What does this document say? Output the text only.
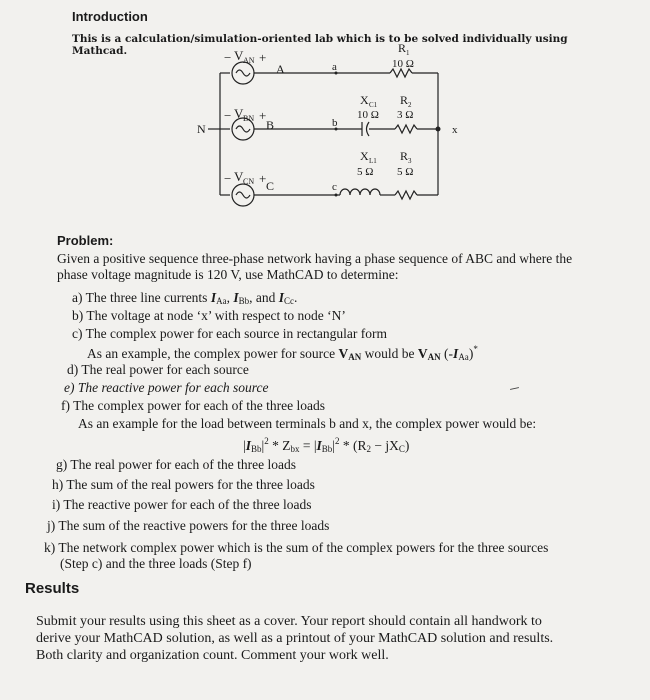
Introduction
This is a calculation/simulation-oriented lab which is to be solved individually using
Mathcad.	− V AN +
A
− V BN +
B
− V CN + C
N
a
b
c
x
R 1
10 Ω
X C1
10 Ω
R 2
3 Ω
X L1
5 Ω
R 3
5 Ω
Problem:
Given a positive sequence three-phase network having a phase sequence of ABC and where the
phase voltage magnitude is 120 V, use MathCAD to determine:
a) The three line currents $I_{Aa}$, $I_{Bb}$, and $I_{Cc}$.
b) The voltage at node ‘x’ with respect to node ‘N’
c) The complex power for each source in rectangular form
As an example, the complex power for source $V_{AN}$ would be $V_{AN}$ $(-I_{Aa})^*$
d) The real power for each source
e) The reactive power for each source
f) The complex power for each of the three loads
As an example for the load between terminals b and x, the complex power would be:
$|I_{Bb}|^2 * Z_{bx} = |I_{Bb}|^2 * (R_2 - jX_C)$
g) The real power for each of the three loads
h) The sum of the real powers for the three loads
i) The reactive power for each of the three loads
j) The sum of the reactive powers for the three loads
k) The network complex power which is the sum of the complex powers for the three sources
(Step c) and the three loads (Step f)
Results
Submit your results using this sheet as a cover. Your report should contain all handwork to
derive your MathCAD solution, as well as a printout of your MathCAD solution and results.
Both clarity and organization count. Comment your work well.
